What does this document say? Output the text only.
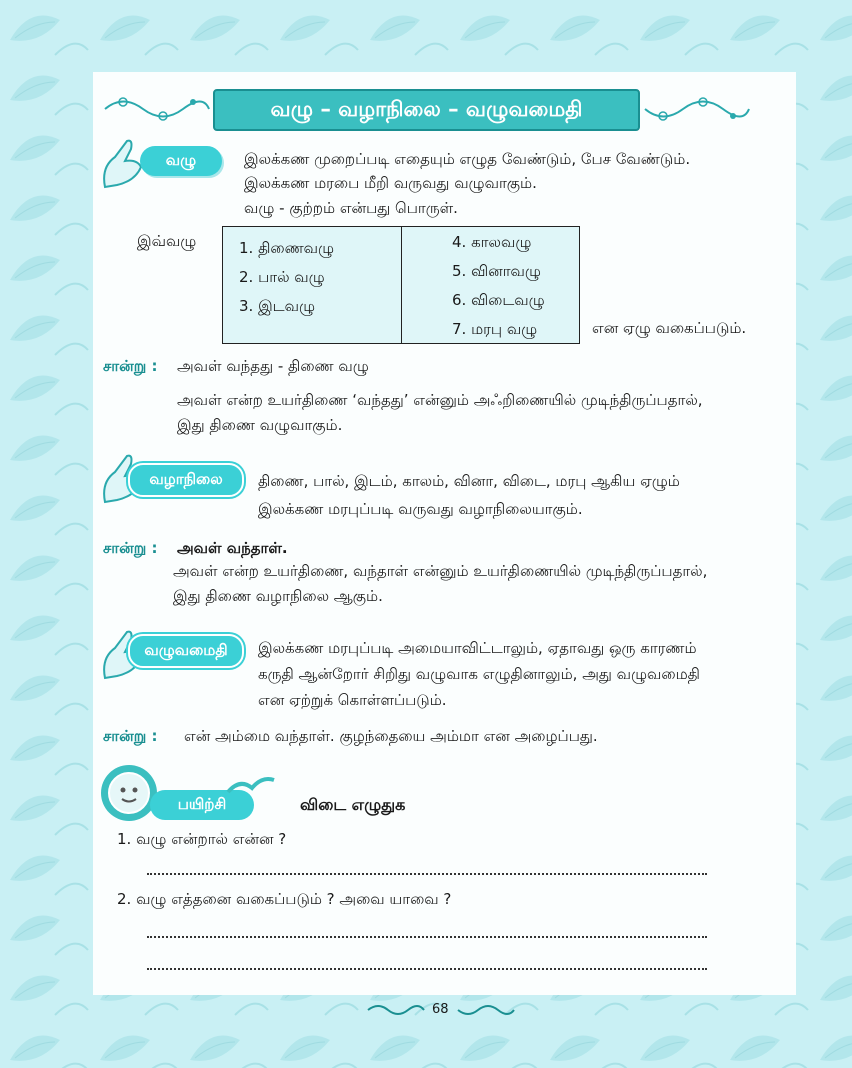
வழு – வழாநிலை – வழுவமைதி
வழு	இலக்கண முறைப்படி எதையும் எழுத வேண்டும், பேச வேண்டும்.
இலக்கண மரபை மீறி வருவது வழுவாகும்.
வழு - குற்றம் என்பது பொருள்.
இவ்வழு	1. திணைவழு
2. பால் வழு
3. இடவழு
4. காலவழு
5. வினாவழு
6. விடைவழு
7. மரபு வழு	என ஏழு வகைப்படும்.
சான்று : அவள் வந்தது - திணை வழு
அவள் என்ற உயர்திணை ‘வந்தது’ என்னும் அஃறிணையில் முடிந்திருப்பதால்,
இது திணை வழுவாகும்.
வழாநிலை	திணை, பால், இடம், காலம், வினா, விடை, மரபு ஆகிய ஏழும்
இலக்கண மரபுப்படி வருவது வழாநிலையாகும்.
சான்று : அவள் வந்தாள்.
அவள் என்ற உயர்திணை, வந்தாள் என்னும் உயர்திணையில் முடிந்திருப்பதால்,
இது திணை வழாநிலை ஆகும்.
வழுவமைதி	இலக்கண மரபுப்படி அமையாவிட்டாலும், ஏதாவது ஒரு காரணம்
கருதி ஆன்றோர் சிறிது வழுவாக எழுதினாலும், அது வழுவமைதி
என ஏற்றுக் கொள்ளப்படும்.
சான்று : என் அம்மை வந்தாள். குழந்தையை அம்மா என அழைப்பது.
பயிற்சி	விடை எழுதுக
1. வழு என்றால் என்ன ?
2. வழு எத்தனை வகைப்படும் ? அவை யாவை ?
68
